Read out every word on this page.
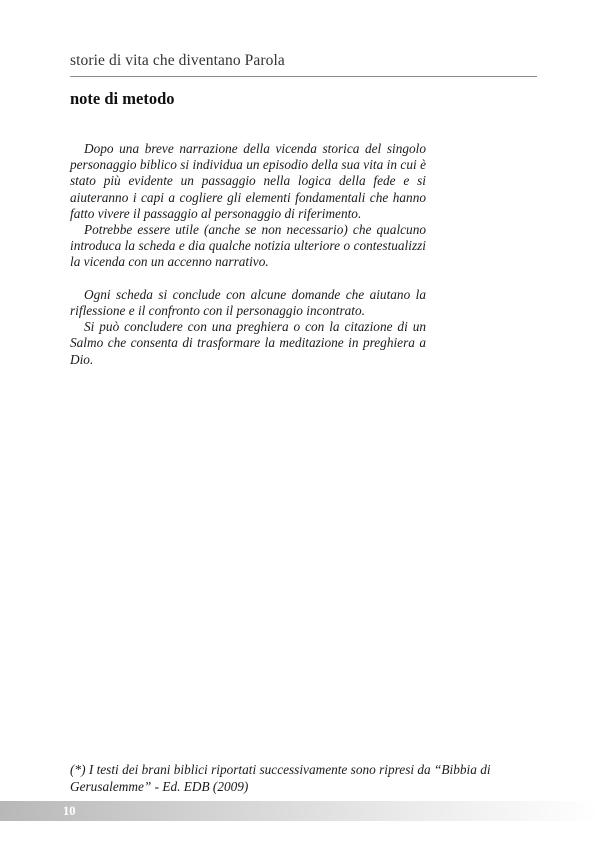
storie di vita che diventano Parola
note di metodo

Dopo una breve narrazione della vicenda storica del singolo personaggio biblico si individua un episodio della sua vita in cui è stato più evidente un passaggio nella logica della fede e si aiuteranno i capi a cogliere gli elementi fondamentali che hanno fatto vivere il passaggio al personaggio di riferimento.

Potrebbe essere utile (anche se non necessario) che qualcuno introduca la scheda e dia qualche notizia ulteriore o contestualizzi la vicenda con un accenno narrativo.

Ogni scheda si conclude con alcune domande che aiutano la riflessione e il confronto con il personaggio incontrato.

Si può concludere con una preghiera o con la citazione di un Salmo che consenta di trasformare la meditazione in preghiera a Dio.

(*) I testi dei brani biblici riportati successivamente sono ripresi da “Bibbia di Gerusalemme” - Ed. EDB (2009)

10
